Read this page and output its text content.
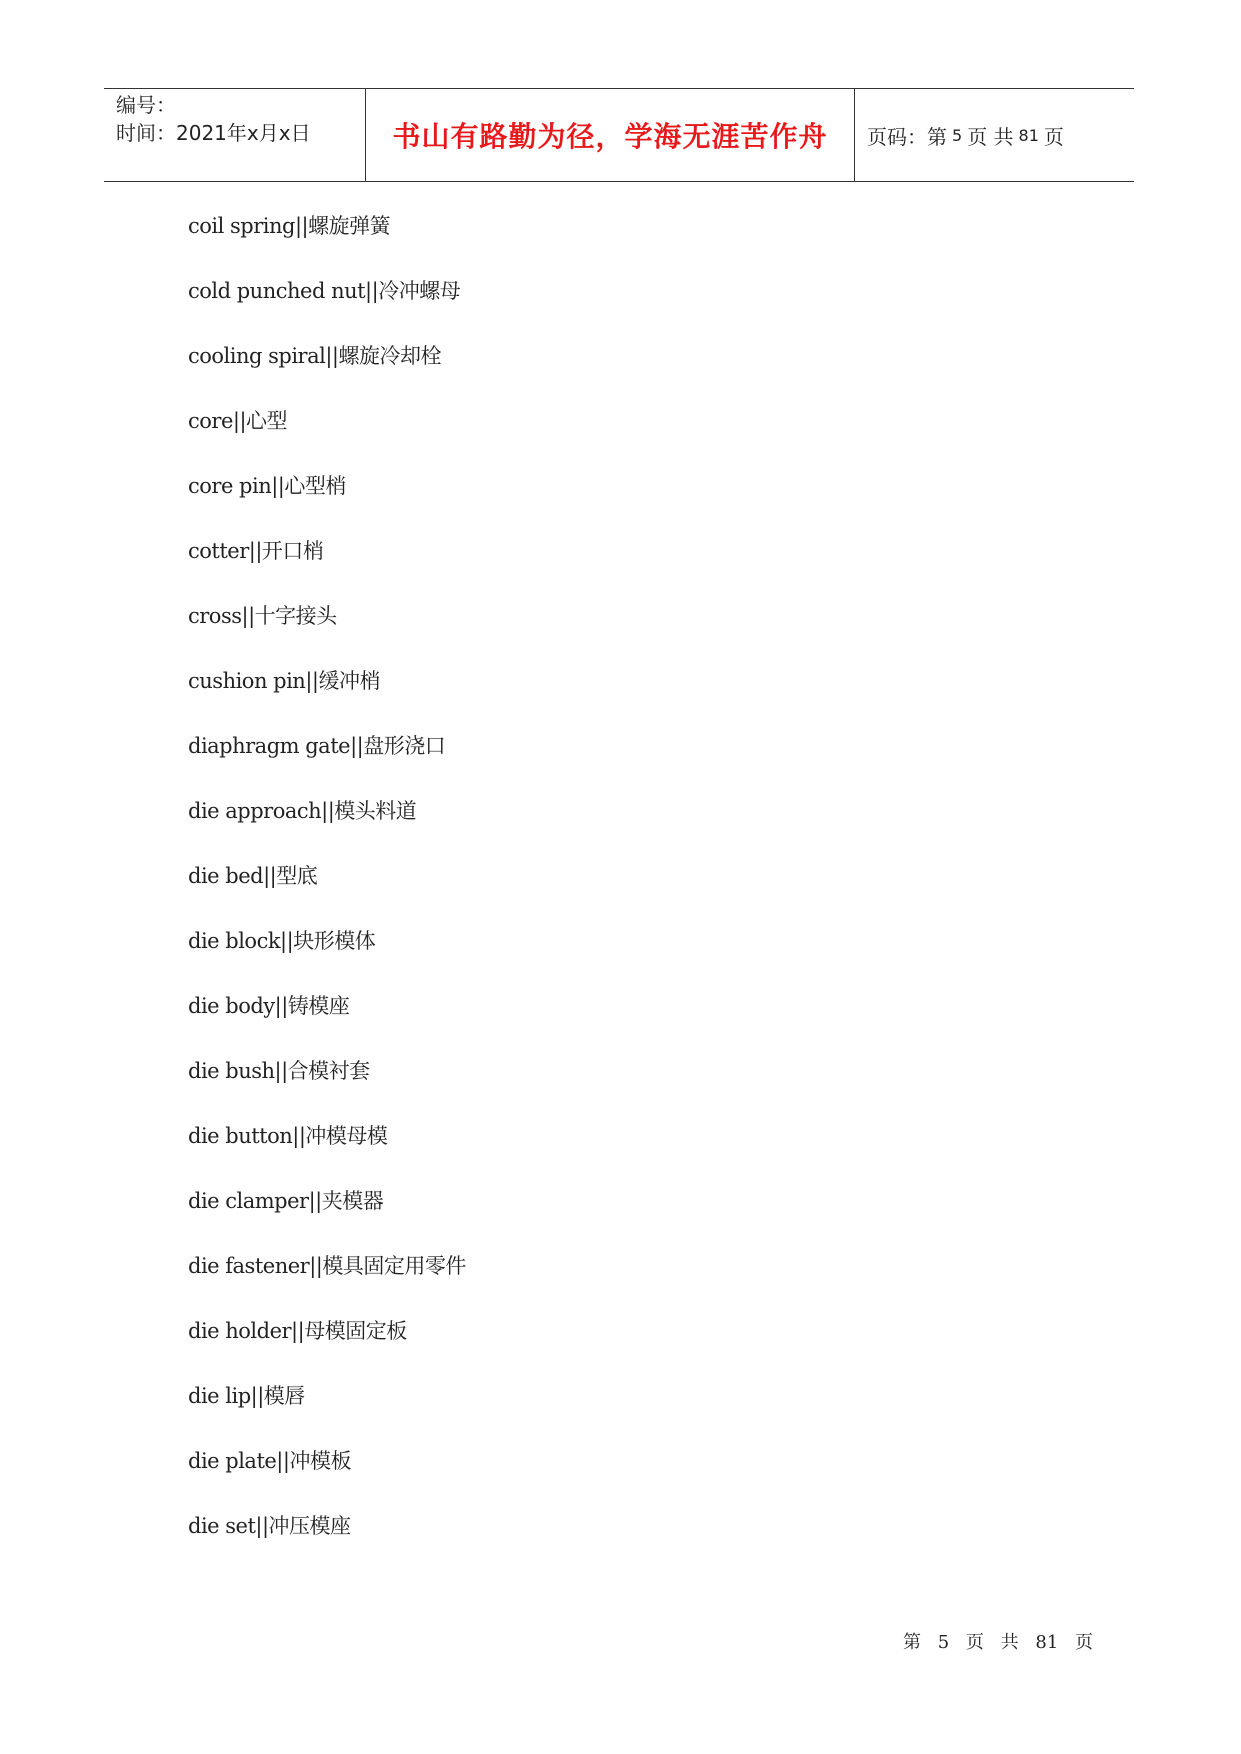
编号：
时间：2021年x月x日	书山有路勤为径，学海无涯苦作舟	页码：第 5 页 共 81 页
coil spring||螺旋弹簧
cold punched nut||冷冲螺母
cooling spiral||螺旋冷却栓
core||心型
core pin||心型梢
cotter||开口梢
cross||十字接头
cushion pin||缓冲梢
diaphragm gate||盘形浇口
die approach||模头料道
die bed||型底
die block||块形模体
die body||铸模座
die bush||合模衬套
die button||冲模母模
die clamper||夹模器
die fastener||模具固定用零件
die holder||母模固定板
die lip||模唇
die plate||冲模板
die set||冲压模座
第 5 页 共 81 页
